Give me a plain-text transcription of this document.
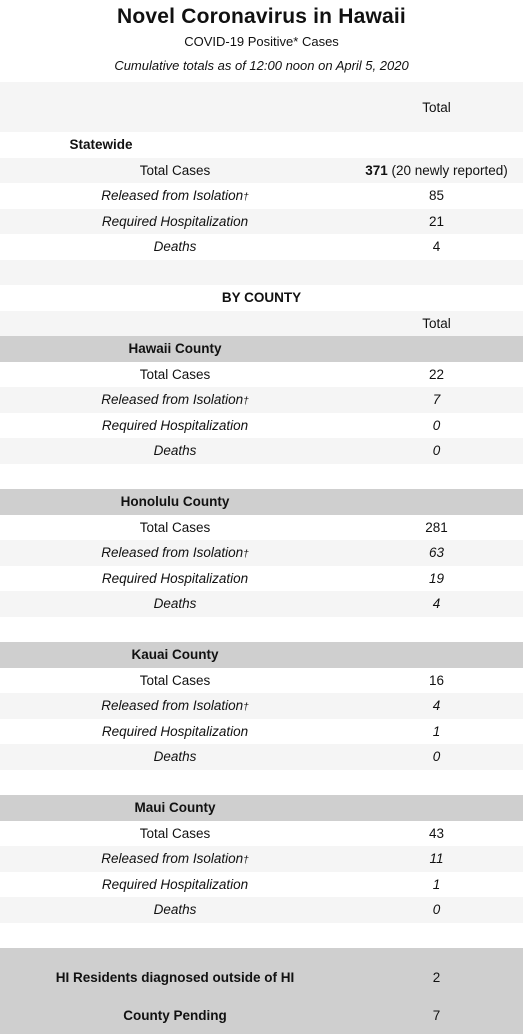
Novel Coronavirus in Hawaii
COVID-19 Positive* Cases
Cumulative totals as of 12:00 noon on April 5, 2020
Total
Statewide
Total Cases	371 (20 newly reported)
Released from Isolation†	85
Required Hospitalization	21
Deaths	4
BY COUNTY
Total
Hawaii County
Total Cases	22
Released from Isolation†	7
Required Hospitalization	0
Deaths	0
Honolulu County
Total Cases	281
Released from Isolation†	63
Required Hospitalization	19
Deaths	4
Kauai County
Total Cases	16
Released from Isolation†	4
Required Hospitalization	1
Deaths	0
Maui County
Total Cases	43
Released from Isolation†	11
Required Hospitalization	1
Deaths	0
HI Residents diagnosed outside of HI	2
County Pending	7
